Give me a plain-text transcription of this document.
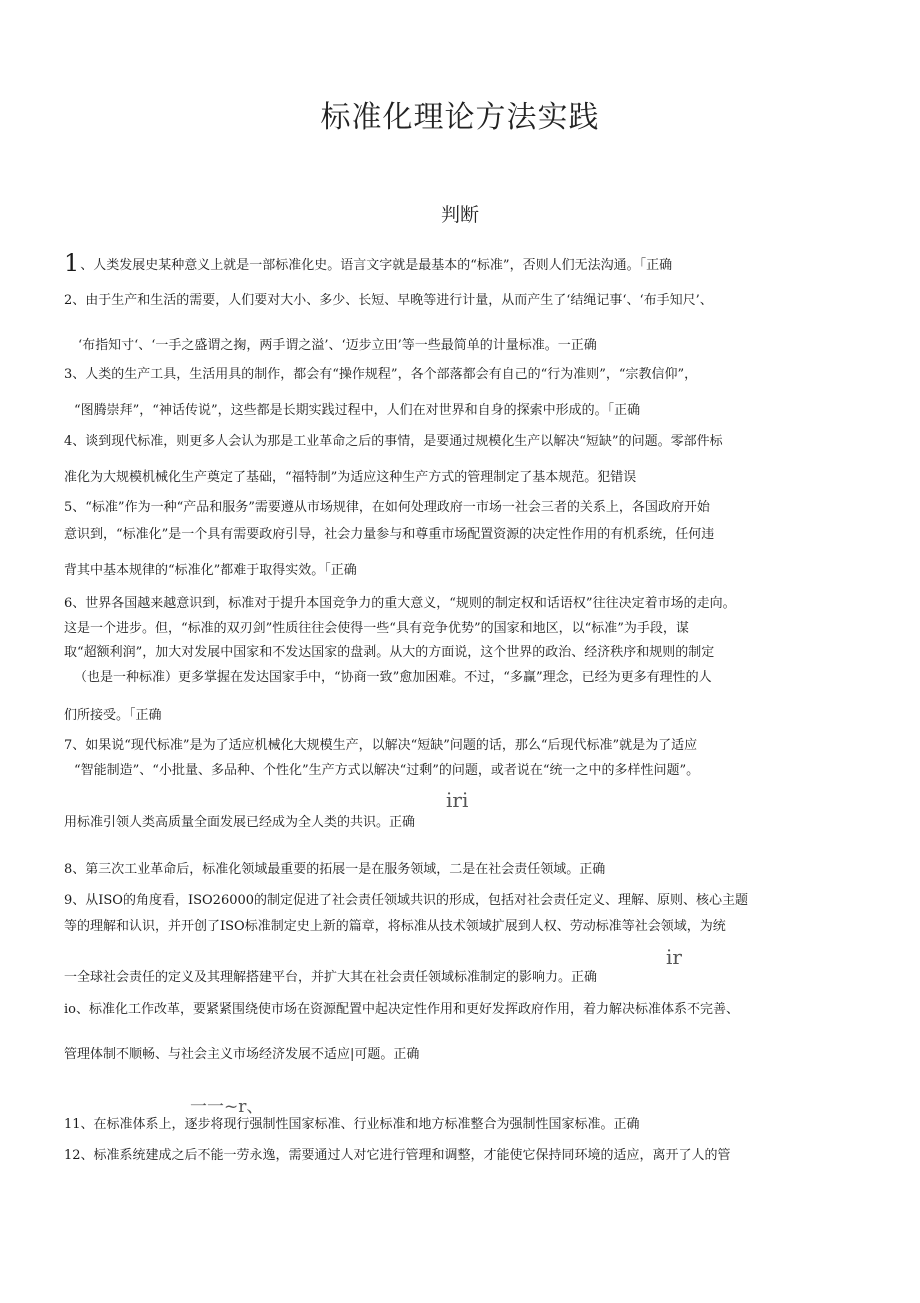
标准化理论方法实践
判断
1、人类发展史某种意义上就是一部标准化史。语言文字就是最基本的“标准”，否则人们无法沟通。「正确
2、由于生产和生活的需要，人们要对大小、多少、长短、早晚等进行计量，从而产生了‘结绳记事‘、‘布手知尺’、
‘布指知寸‘、‘一手之盛谓之掬，两手谓之溢’、‘迈步立田’等一些最简单的计量标准。一正确
3、人类的生产工具，生活用具的制作，都会有“操作规程”，各个部落都会有自己的“行为准则”，“宗教信仰”，
“图腾崇拜”，“神话传说”，这些都是长期实践过程中，人们在对世界和自身的探索中形成的。「正确
4、谈到现代标准，则更多人会认为那是工业革命之后的事情，是要通过规模化生产以解决“短缺”的问题。零部件标
准化为大规模机械化生产奠定了基础，“福特制”为适应这种生产方式的管理制定了基本规范。犯错误
5、“标准”作为一种“产品和服务”需要遵从市场规律，在如何处理政府一市场一社会三者的关系上，各国政府开始
意识到，“标准化”是一个具有需要政府引导，社会力量参与和尊重市场配置资源的决定性作用的有机系统，任何违
背其中基本规律的“标准化”都难于取得实效。「正确
6、世界各国越来越意识到，标准对于提升本国竞争力的重大意义，“规则的制定权和话语权”往往决定着市场的走向。
这是一个进步。但，“标准的双刃剑”性质往往会使得一些“具有竞争优势”的国家和地区，以“标准”为手段，谋
取“超额利润”，加大对发展中国家和不发达国家的盘剥。从大的方面说，这个世界的政治、经济秩序和规则的制定
（也是一种标准）更多掌握在发达国家手中，“协商一致”愈加困难。不过，“多赢”理念，已经为更多有理性的人
们所接受。「正确
7、如果说“现代标准”是为了适应机械化大规模生产，以解决“短缺”问题的话，那么“后现代标准”就是为了适应
“智能制造”、“小批量、多品种、个性化”生产方式以解决“过剩”的问题，或者说在“统一之中的多样性问题”。
iri
用标准引领人类高质量全面发展已经成为全人类的共识。正确
8、第三次工业革命后，标准化领域最重要的拓展一是在服务领域，二是在社会责任领域。正确
9、从ISO的角度看，ISO26000的制定促进了社会责任领域共识的形成，包括对社会责任定义、理解、原则、核心主题
等的理解和认识，并开创了ISO标准制定史上新的篇章，将标准从技术领域扩展到人权、劳动标准等社会领域，为统
ir
一全球社会责任的定义及其理解搭建平台，并扩大其在社会责任领域标准制定的影响力。正确
io、标准化工作改革，要紧紧围绕使市场在资源配置中起决定性作用和更好发挥政府作用，着力解决标准体系不完善、
管理体制不顺畅、与社会主义市场经济发展不适应|可题。正确
一一~r、
11、在标准体系上，逐步将现行强制性国家标准、行业标准和地方标准整合为强制性国家标准。正确
12、标准系统建成之后不能一劳永逸，需要通过人对它进行管理和调整，才能使它保持同环境的适应，离开了人的管
